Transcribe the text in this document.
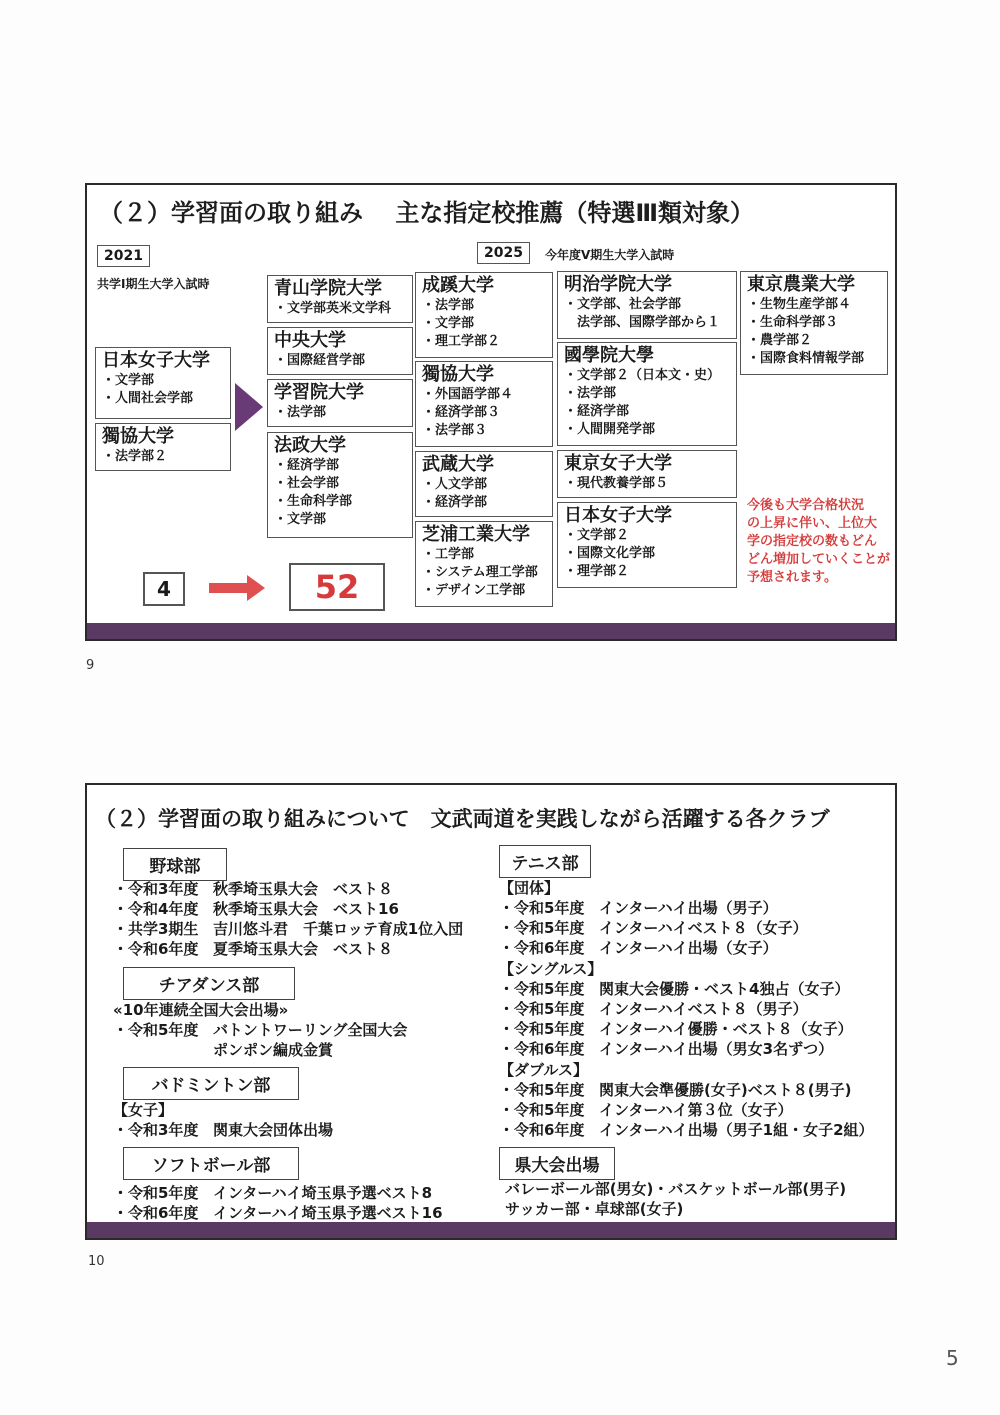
（２）学習面の取り組み　 主な指定校推薦（特選Ⅲ類対象）
2021
共学Ⅰ期生大学入試時
2025	今年度Ⅴ期生大学入試時
日本女子大学
・文学部
・人間社会学部
獨協大学
・法学部２
青山学院大学
・文学部英米文学科
中央大学
・国際経営学部
学習院大学
・法学部
法政大学
・経済学部
・社会学部
・生命科学部
・文学部
成蹊大学
・法学部
・文学部
・理工学部２
獨協大学
・外国語学部４
・経済学部３
・法学部３
武蔵大学
・人文学部
・経済学部
芝浦工業大学
・工学部
・システム理工学部
・デザイン工学部
明治学院大学
・文学部、社会学部
　法学部、国際学部から１
國學院大學
・文学部２（日本文・史）
・法学部
・経済学部
・人間開発学部
東京女子大学
・現代教養学部５
日本女子大学
・文学部２
・国際文化学部
・理学部２
東京農業大学
・生物生産学部４
・生命科学部３
・農学部２
・国際食料情報学部
今後も大学合格状況
の上昇に伴い、上位大
学の指定校の数もどん
どん増加していくことが
予想されます。
4	52
9
（２）学習面の取り組みについて　文武両道を実践しながら活躍する各クラブ
野球部
・令和3年度 秋季埼玉県大会　ベスト８
・令和4年度 秋季埼玉県大会　ベスト16
・共学3期生 吉川悠斗君　千葉ロッテ育成1位入団
・令和6年度 夏季埼玉県大会　ベスト８
チアダンス部
«10年連続全国大会出場»
・令和5年度 バトントワーリング全国大会
ポンポン編成金賞
バドミントン部
【女子】
・令和3年度 関東大会団体出場
ソフトボール部
・令和5年度 インターハイ埼玉県予選ベスト8
・令和6年度 インターハイ埼玉県予選ベスト16
テニス部
【団体】
・令和5年度 インターハイ出場（男子）
・令和5年度 インターハイベスト８（女子）
・令和6年度 インターハイ出場（女子）
【シングルス】
・令和5年度 関東大会優勝・ベスト4独占（女子）
・令和5年度 インターハイベスト８（男子）
・令和5年度 インターハイ優勝・ベスト８（女子）
・令和6年度 インターハイ出場（男女3名ずつ）
【ダブルス】
・令和5年度 関東大会準優勝(女子)ベスト８(男子)
・令和5年度 インターハイ第３位（女子）
・令和6年度 インターハイ出場（男子1組・女子2組）
県大会出場
バレーボール部(男女)・バスケットボール部(男子)
サッカー部・卓球部(女子)
10
5
